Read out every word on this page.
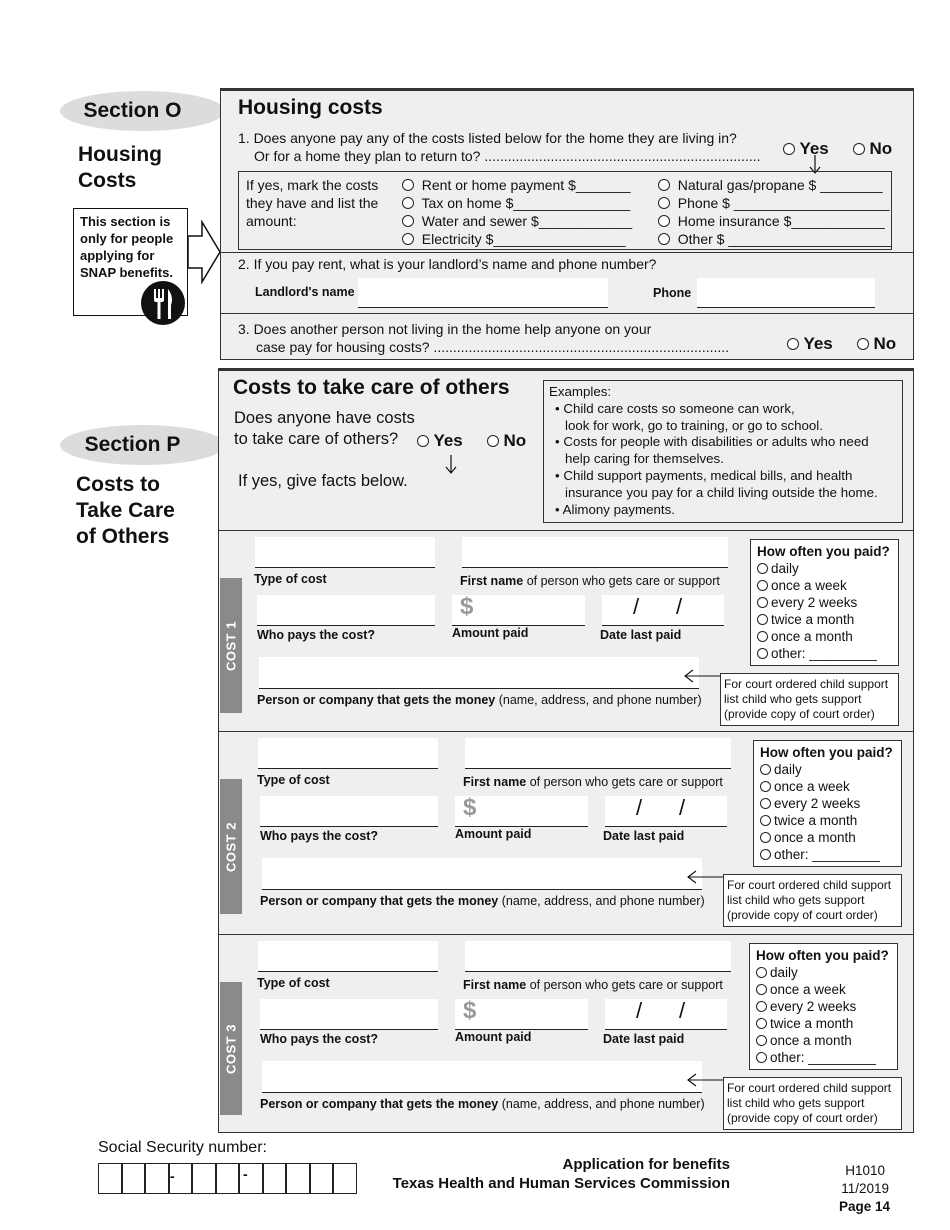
Section O
Housing
Costs
This section is only for people applying for SNAP benefits.
Housing costs
1. Does anyone pay any of the costs listed below for the home they are living in?
Or for a home they plan to return to? .......................................................................	Yes	No
If yes, mark the costs they have and list the amount:
Rent or home payment $_______
Tax on home $_______________
Water and sewer $____________
Electricity $_________________
Natural gas/propane $ ________
Phone $ ____________________
Home insurance $____________
Other $ _____________________
2. If you pay rent, what is your landlord’s name and phone number?
Landlord's name	Phone
3. Does another person not living in the home help anyone on your
case pay for housing costs? ............................................................................	Yes	No
Section P
Costs to
Take Care
of Others
Costs to take care of others
Does anyone have costs
to take care of others?	Yes	No
If yes, give facts below.
Examples:
• Child care costs so someone can work,
look for work, go to training, or go to school.
• Costs for people with disabilities or adults who need
help caring for themselves.
• Child support payments, medical bills, and health
insurance you pay for a child living outside the home.
• Alimony payments.
COST 1
Type of cost	First name of person who gets care or support
Who pays the cost?
$
Amount paid
/ /
Date last paid
Person or company that gets the money (name, address, and phone number)
How often you paid?
daily
once a week
every 2 weeks
twice a month
once a month
other: _________
For court ordered child support
list child who gets support
(provide copy of court order)
COST 2
Type of cost	First name of person who gets care or support
Who pays the cost?
$
Amount paid
/ /
Date last paid
Person or company that gets the money (name, address, and phone number)
How often you paid?
daily
once a week
every 2 weeks
twice a month
once a month
other: _________
For court ordered child support
list child who gets support
(provide copy of court order)
COST 3
Type of cost	First name of person who gets care or support
Who pays the cost?
$
Amount paid
/ /
Date last paid
Person or company that gets the money (name, address, and phone number)
How often you paid?
daily
once a week
every 2 weeks
twice a month
once a month
other: _________
For court ordered child support
list child who gets support
(provide copy of court order)
Social Security number:
-	-
Application for benefits
Texas Health and Human Services Commission
H1010
11/2019
Page 14
